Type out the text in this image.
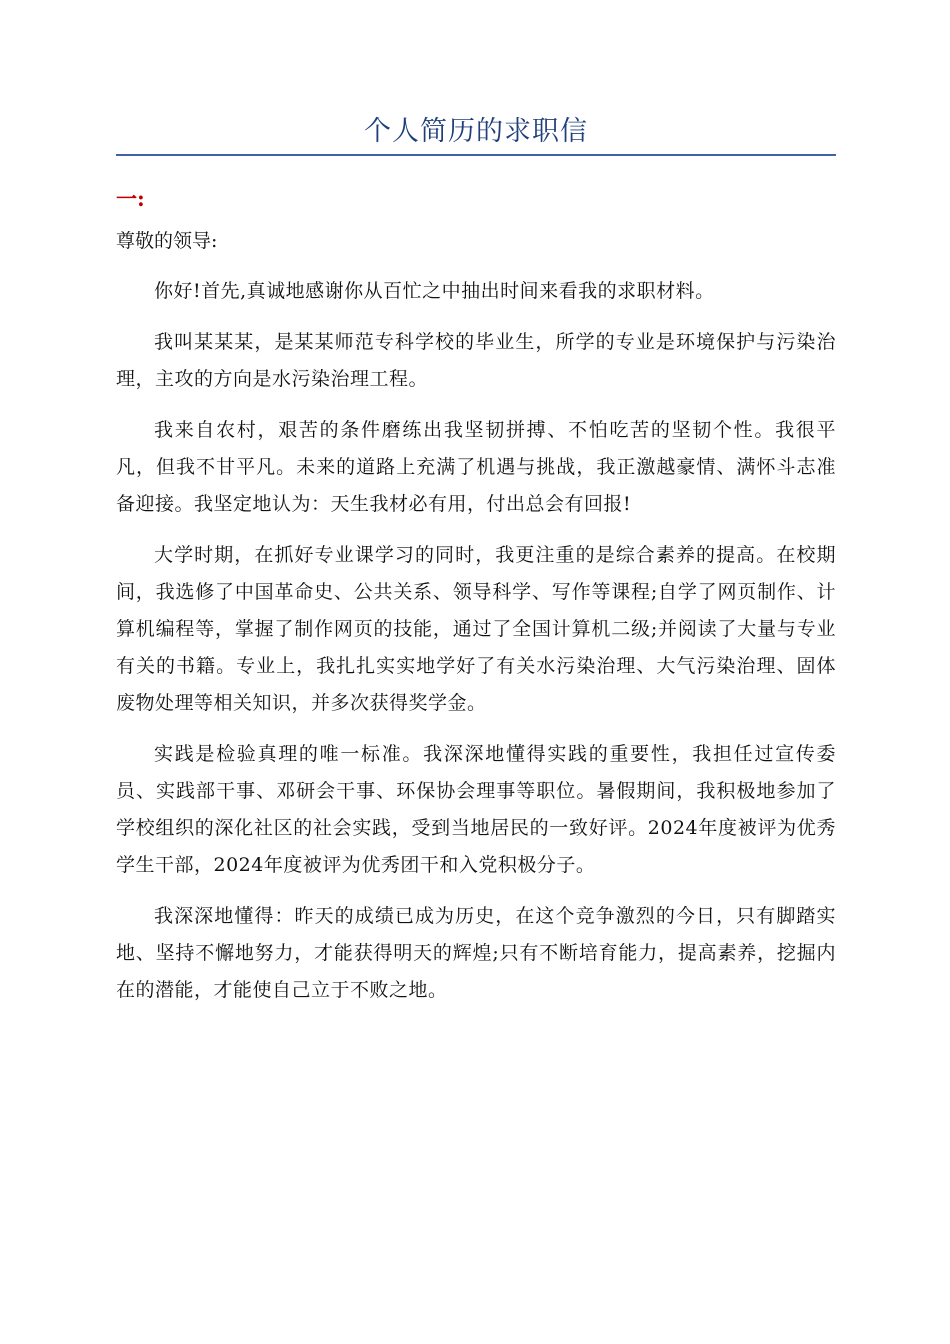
个人简历的求职信
一:
尊敬的领导:

你好!首先,真诚地感谢你从百忙之中抽出时间来看我的求职材料。

我叫某某某，是某某师范专科学校的毕业生，所学的专业是环境保护与污染治理，主攻的方向是水污染治理工程。

我来自农村，艰苦的条件磨练出我坚韧拼搏、不怕吃苦的坚韧个性。我很平凡，但我不甘平凡。未来的道路上充满了机遇与挑战，我正激越豪情、满怀斗志准备迎接。我坚定地认为：天生我材必有用，付出总会有回报!

大学时期，在抓好专业课学习的同时，我更注重的是综合素养的提高。在校期间，我选修了中国革命史、公共关系、领导科学、写作等课程;自学了网页制作、计算机编程等，掌握了制作网页的技能，通过了全国计算机二级;并阅读了大量与专业有关的书籍。专业上，我扎扎实实地学好了有关水污染治理、大气污染治理、固体废物处理等相关知识，并多次获得奖学金。

实践是检验真理的唯一标准。我深深地懂得实践的重要性，我担任过宣传委员、实践部干事、邓研会干事、环保协会理事等职位。暑假期间，我积极地参加了学校组织的深化社区的社会实践，受到当地居民的一致好评。2024年度被评为优秀学生干部，2024年度被评为优秀团干和入党积极分子。

我深深地懂得：昨天的成绩已成为历史，在这个竞争激烈的今日，只有脚踏实地、坚持不懈地努力，才能获得明天的辉煌;只有不断培育能力，提高素养，挖掘内在的潜能，才能使自己立于不败之地。
